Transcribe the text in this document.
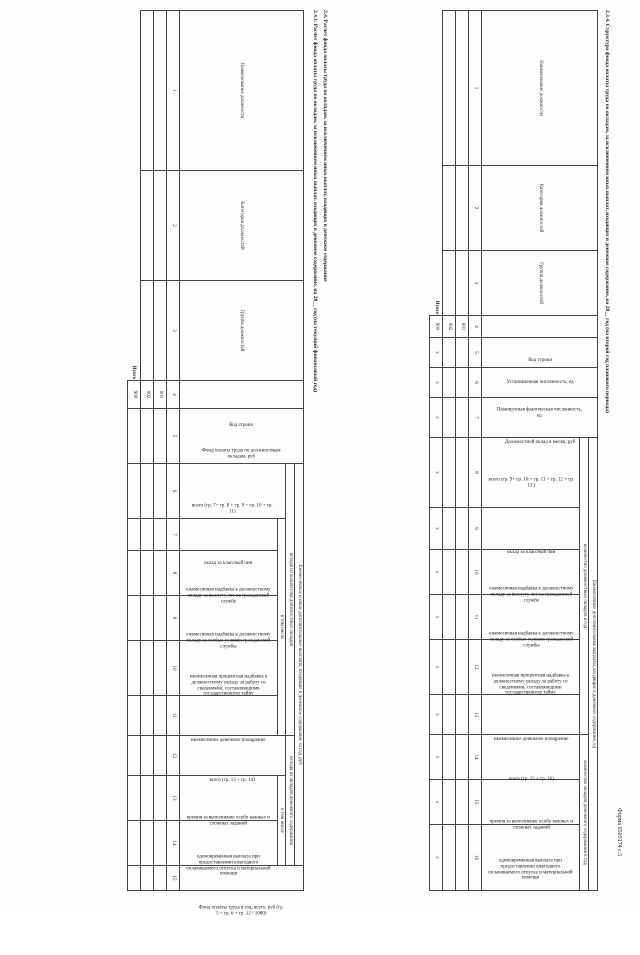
Форма 0505174 с.5
2.3.4. Структура фонда оплаты труда по окладам, за исключением иных выплат, входящих в денежное содержание, на 20__ год (на второй год планового периода)
Наименование должности	Категория должностей	Группа должностей	Код строки	Установленная численность, ед	Планируемая фактическая численность, ед	Должностной оклад в месяц, руб	Ежемесячные дополнительные выплаты, входящие в денежное содержание, ед								
							количество должностных окладов в год						количество окладов денежного содержания в год		
							всего (гр. 9+ гр. 10 + гр. 11 + гр. 12 + гр. 13 )	оклад за классный чин	ежемесячная надбавка к должностному окладу за выслугу лет на гражданской службе	ежемесячная надбавка к должностному окладу за особые условия гражданской службы	ежемесячная процентная надбавка к должностному окладу за работу со сведениями, составляющими государственную тайну	ежемесячное денежное поощрение	всего (гр. 15 + гр. 16)	премия за выполнение особо важных и сложных заданий	единовременная выплата при предоставлении ежегодного оплачиваемого отпуска и материальной помощи
1	2	3	4	5	6	7	8	9	10	11	12	13	14	15	16
			001												
			002												
Итого			900	x	x	x	x	x	x	x	x	x	x	x	x
2.4. Расчет фонда оплаты труда по окладам, за исключением иных выплат, входящих в денежное содержание
2.4.1. Расчет фонда оплаты труда по окладам, за исключением иных выплат, входящих в денежное содержание, на 20__ год (на текущий финансовый год)
Наименование должности	Категория должностей	Группа должностей	Код строки	Фонд оплаты труда по должностным окладам, руб	Ежемесячные и иные дополнительные выплаты, входящие в денежное содержание за год, руб									Фонд оплаты труда в год, всего, руб (гр. 5 + гр. 6 + гр. 12 / 1000)
					исходя из количества должностных окладов						исходя из окладов денежного содержания			
					всего (гр. 7+ гр. 8 + гр. 9 + гр. 10 + гр. 11)	в том числе					всего (гр. 13 + гр. 14)	в том числе		
						оклад за классный чин	ежемесячная надбавка к должностному окладу за выслугу лет на гражданской службе	ежемесячная надбавка к должностному окладу за особые условия гражданской службы	ежемесячная процентная надбавка к должностному окладу за работу со сведениями, составляющими государственную тайну	ежемесячное денежное поощрение		премия за выполнение особо важных и сложных заданий	единовременная выплата при предоставлении ежегодного оплачиваемого отпуска и материальной помощи	
1	2	3	4	5	6	7	8	9	10	11	12	13	14	15
			001											
			002											
Итого			900											
